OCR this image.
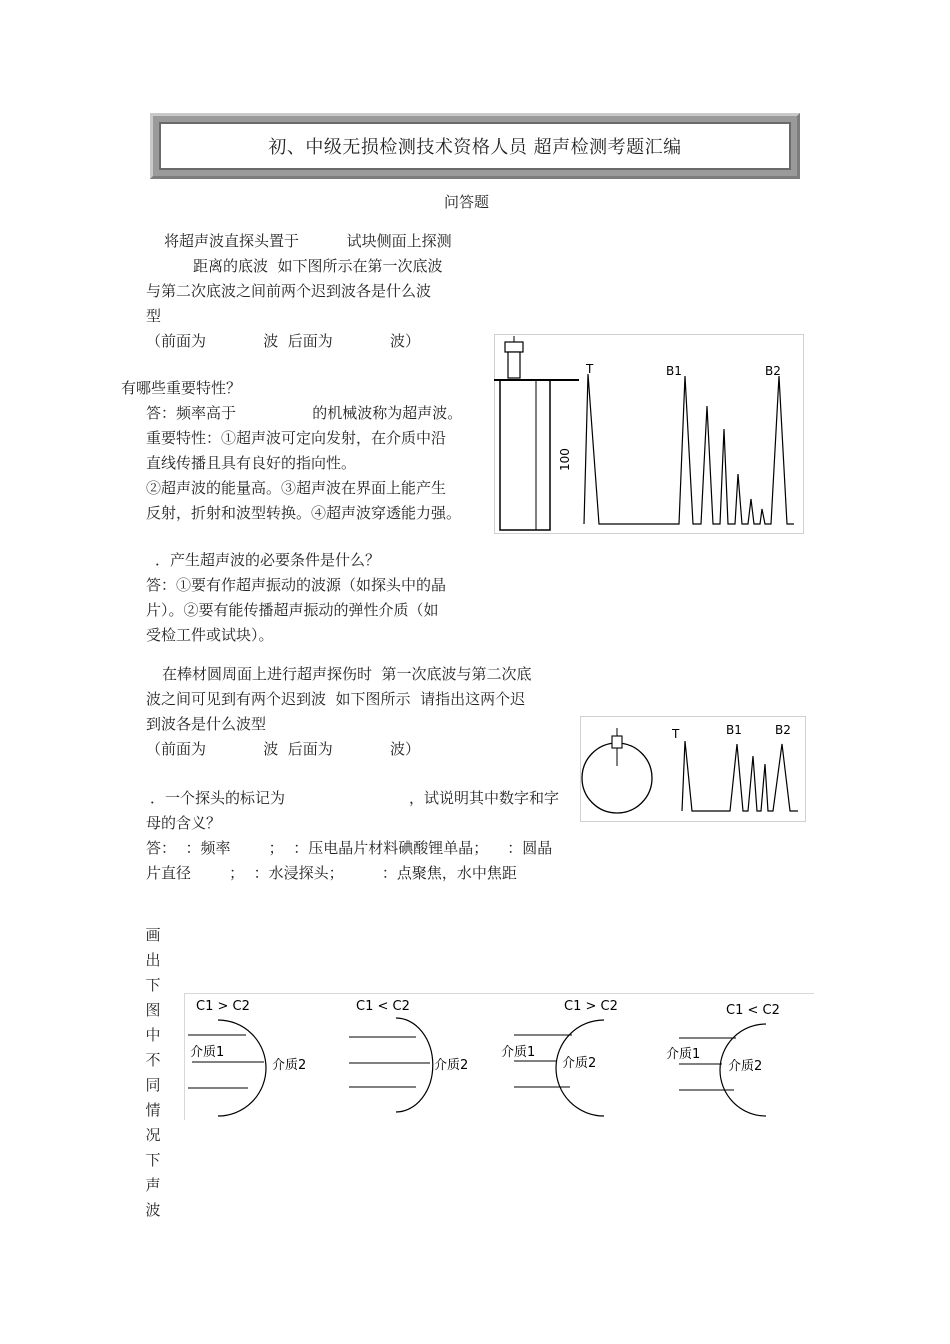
初、中级无损检测技术资格人员 超声检测考题汇编
问答题
将超声波直探头置于          试块侧面上探测
距离的底波  如下图所示在第一次底波
与第二次底波之间前两个迟到波各是什么波
型
（前面为            波  后面为            波）
有哪些重要特性？
答：频率高于                的机械波称为超声波。
重要特性：①超声波可定向发射，在介质中沿
直线传播且具有良好的指向性。
②超声波的能量高。③超声波在界面上能产生
反射，折射和波型转换。④超声波穿透能力强。
．产生超声波的必要条件是什么？
答：①要有作超声振动的波源（如探头中的晶
片）。②要有能传播超声振动的弹性介质（如
受检工件或试块）。
在棒材圆周面上进行超声探伤时  第一次底波与第二次底
波之间可见到有两个迟到波  如下图所示  请指出这两个迟
到波各是什么波型
（前面为            波  后面为            波）
．一个探头的标记为                          ，试说明其中数字和字
母的含义？
答：  ：频率        ；  ：压电晶片材料碘酸锂单晶；    ：圆晶
片直径        ；  ：水浸探头；        ：点聚焦，水中焦距
画
出
下
图
中
不
同
情
况
下
声
波
100
T	B1	B2
T	B1	B2
C1 > C2
介质1
介质2
C1 < C2
介质2
C1 > C2
介质1
介质2
C1 < C2
介质1
介质2
